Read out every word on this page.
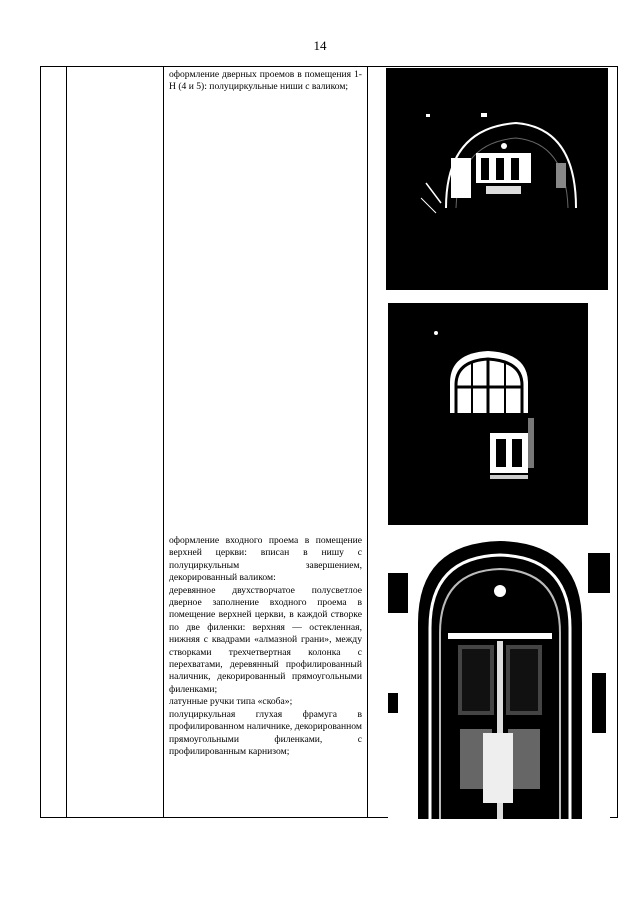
14

оформление дверных проемов в помещения 1-Н (4 и 5): полуциркульные ниши с валиком;

оформление входного проема в помещение верхней церкви: вписан в нишу с полуциркульным завершением, декорированный валиком:

деревянное двухстворчатое полусветлое дверное заполнение входного проема в помещение верхней церкви, в каждой створке по две филенки: верхняя — остекленная, нижняя с квадрами «алмазной грани», между створками трехчетвертная колонка с перехватами, деревянный профилированный наличник, декорированный прямоугольными филенками;

латунные ручки типа «скоба»;

полуциркульная глухая фрамуга в профилированном наличнике, декорированном прямоугольными филенками, с профилированным карнизом;
